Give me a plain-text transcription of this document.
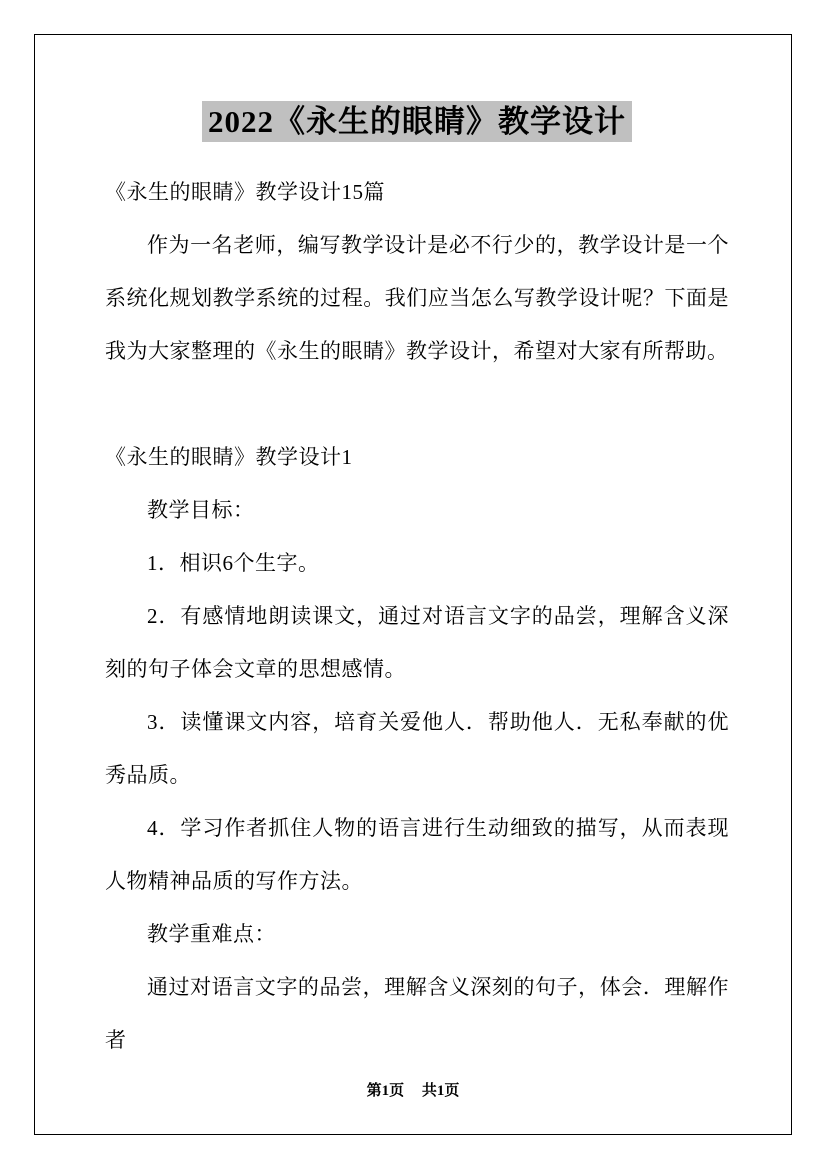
2022《永生的眼睛》教学设计
《永生的眼睛》教学设计15篇
作为一名老师，编写教学设计是必不行少的，教学设计是一个系统化规划教学系统的过程。我们应当怎么写教学设计呢？下面是我为大家整理的《永生的眼睛》教学设计，希望对大家有所帮助。
《永生的眼睛》教学设计1
教学目标：
1．相识6个生字。
2．有感情地朗读课文，通过对语言文字的品尝，理解含义深刻的句子体会文章的思想感情。
3．读懂课文内容，培育关爱他人．帮助他人．无私奉献的优秀品质。
4．学习作者抓住人物的语言进行生动细致的描写，从而表现人物精神品质的写作方法。
教学重难点：
通过对语言文字的品尝，理解含义深刻的句子，体会．理解作者
第1页 共1页
